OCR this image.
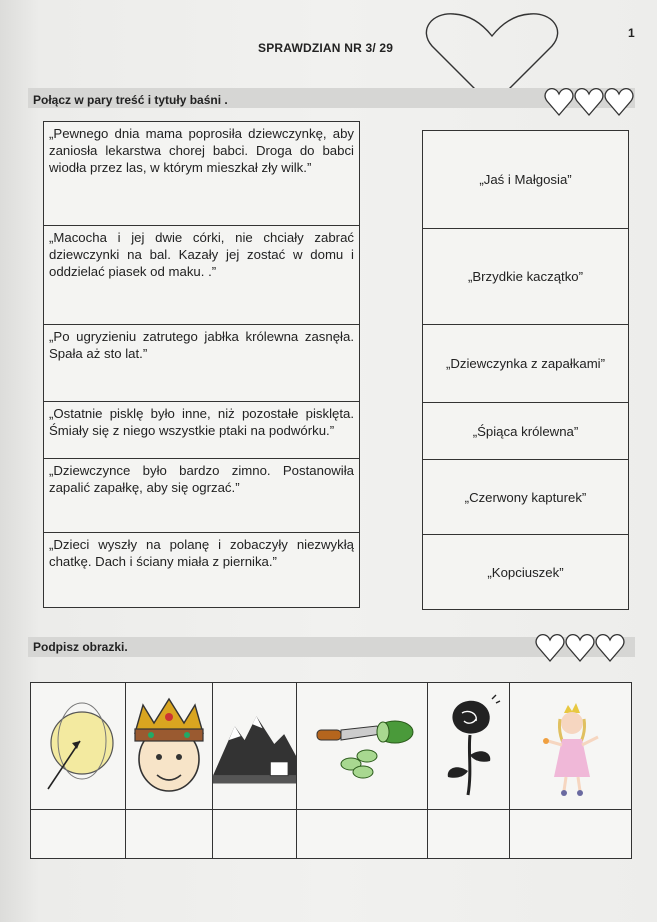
1
SPRAWDZIAN NR 3/ 29
Połącz w pary treść i tytuły baśni .
„Pewnego dnia mama poprosiła dziewczynkę, aby zaniosła lekarstwa chorej babci. Droga do babci wiodła przez las, w którym mieszkał zły wilk.”
„Macocha i jej dwie córki, nie chciały zabrać dziewczynki na bal. Kazały jej zostać w domu i oddzielać piasek od maku. .”
„Po ugryzieniu zatrutego jabłka królewna zasnęła. Spała aż sto lat.”
„Ostatnie pisklę było inne, niż pozostałe pisklęta. Śmiały się z niego wszystkie ptaki na podwórku.”
„Dziewczynce było bardzo zimno. Postanowiła zapalić zapałkę, aby się ogrzać.”
„Dzieci wyszły na polanę i zobaczyły niezwykłą chatkę. Dach i ściany miała z piernika.”
„Jaś i Małgosia”
„Brzydkie kaczątko”
„Dziewczynka z zapałkami”
„Śpiąca królewna”
„Czerwony kapturek”
„Kopciuszek”
Podpisz obrazki.
